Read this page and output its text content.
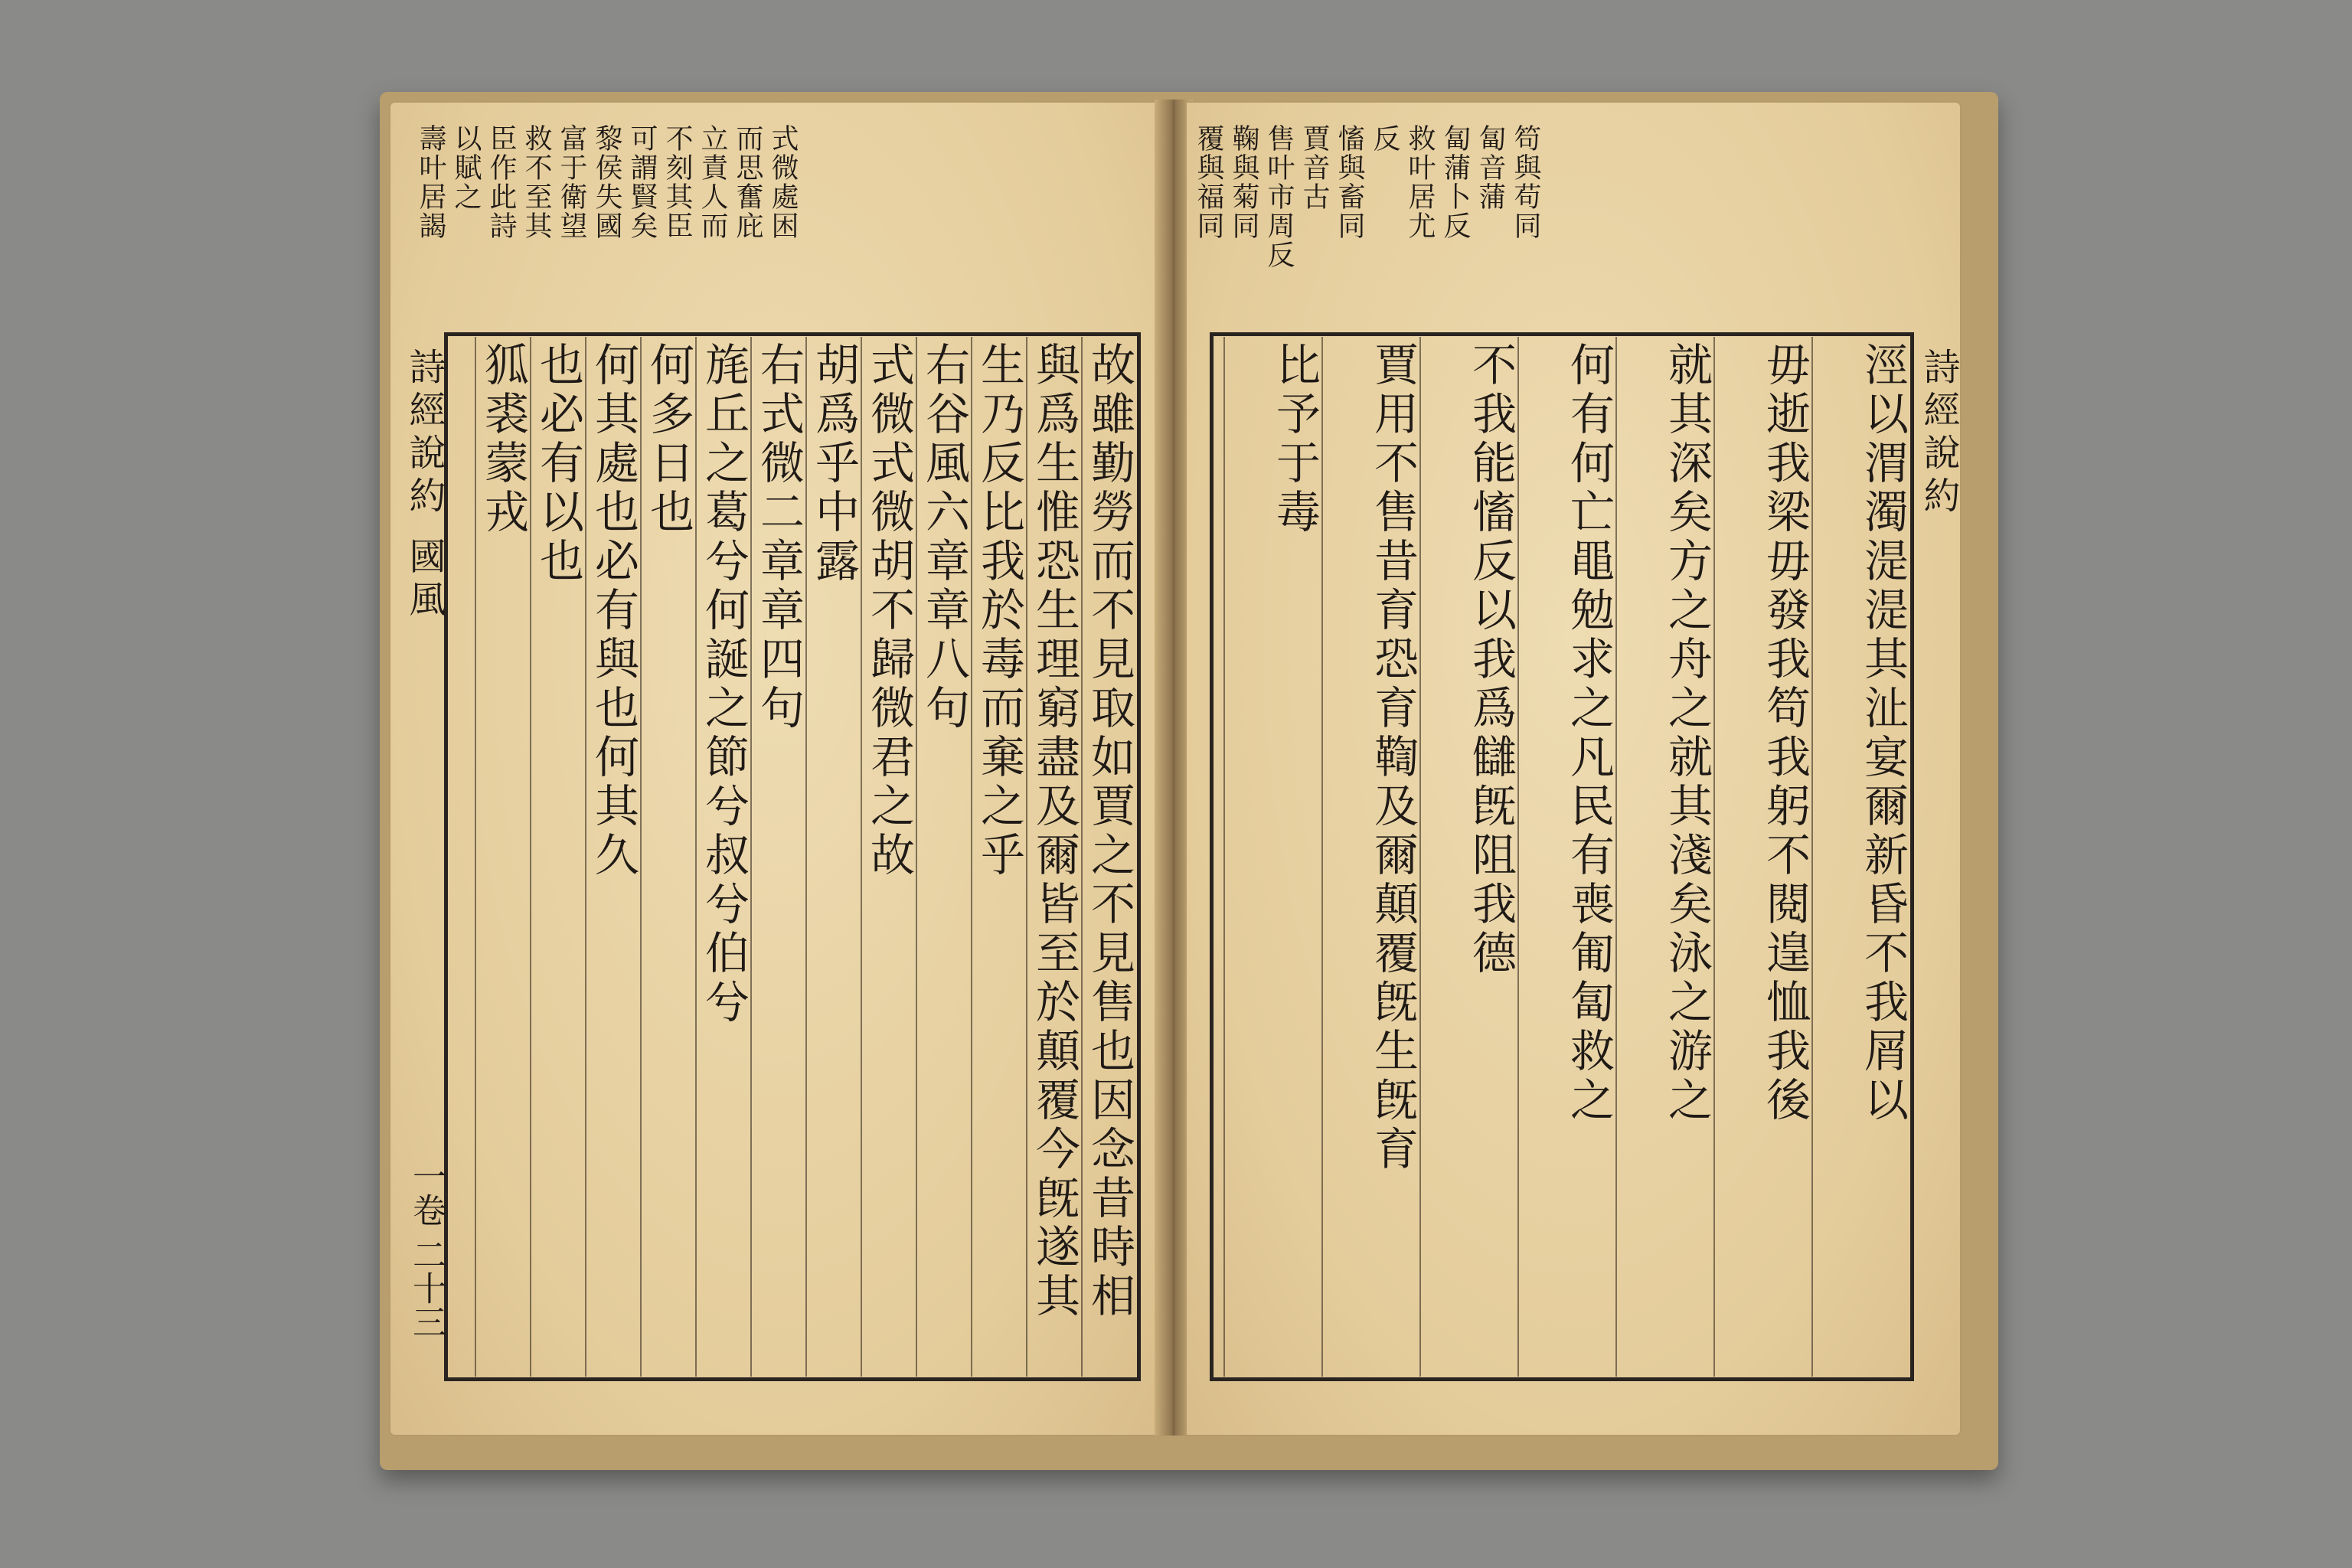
式微處困
而思奮庇
立責人而
不刻其臣
可謂賢矣
黎侯失國
富于衛望
救不至其
臣作此詩
以賦之
壽叶居謁
詩經說約 國風
一卷 二十三	故雖勤勞而不見取如賈之不見售也因念昔時相
與爲生惟恐生理窮盡及爾皆至於顛覆今旣遂其
生乃反比我於毒而棄之乎
右谷風六章章八句
式微式微胡不歸微君之故
胡爲乎中露
右式微二章章四句
旄丘之葛兮何誕之節兮叔兮伯兮
何多日也
何其處也必有與也何其久
也必有以也
狐裘蒙戎
笱與苟同
匐音蒲
匐蒲卜反
救叶居尤
反
慉與畜同
賈音古
售叶市周反
鞠與菊同
覆與福同
詩經說約
涇以渭濁湜湜其沚宴爾新昏不我屑以
毋逝我梁毋發我笱我躬不閱遑恤我後
就其深矣方之舟之就其淺矣泳之游之
何有何亡黽勉求之凡民有喪匍匐救之
不我能慉反以我爲讎旣阻我德
賈用不售昔育恐育鞫及爾顛覆旣生旣育
比予于毒
